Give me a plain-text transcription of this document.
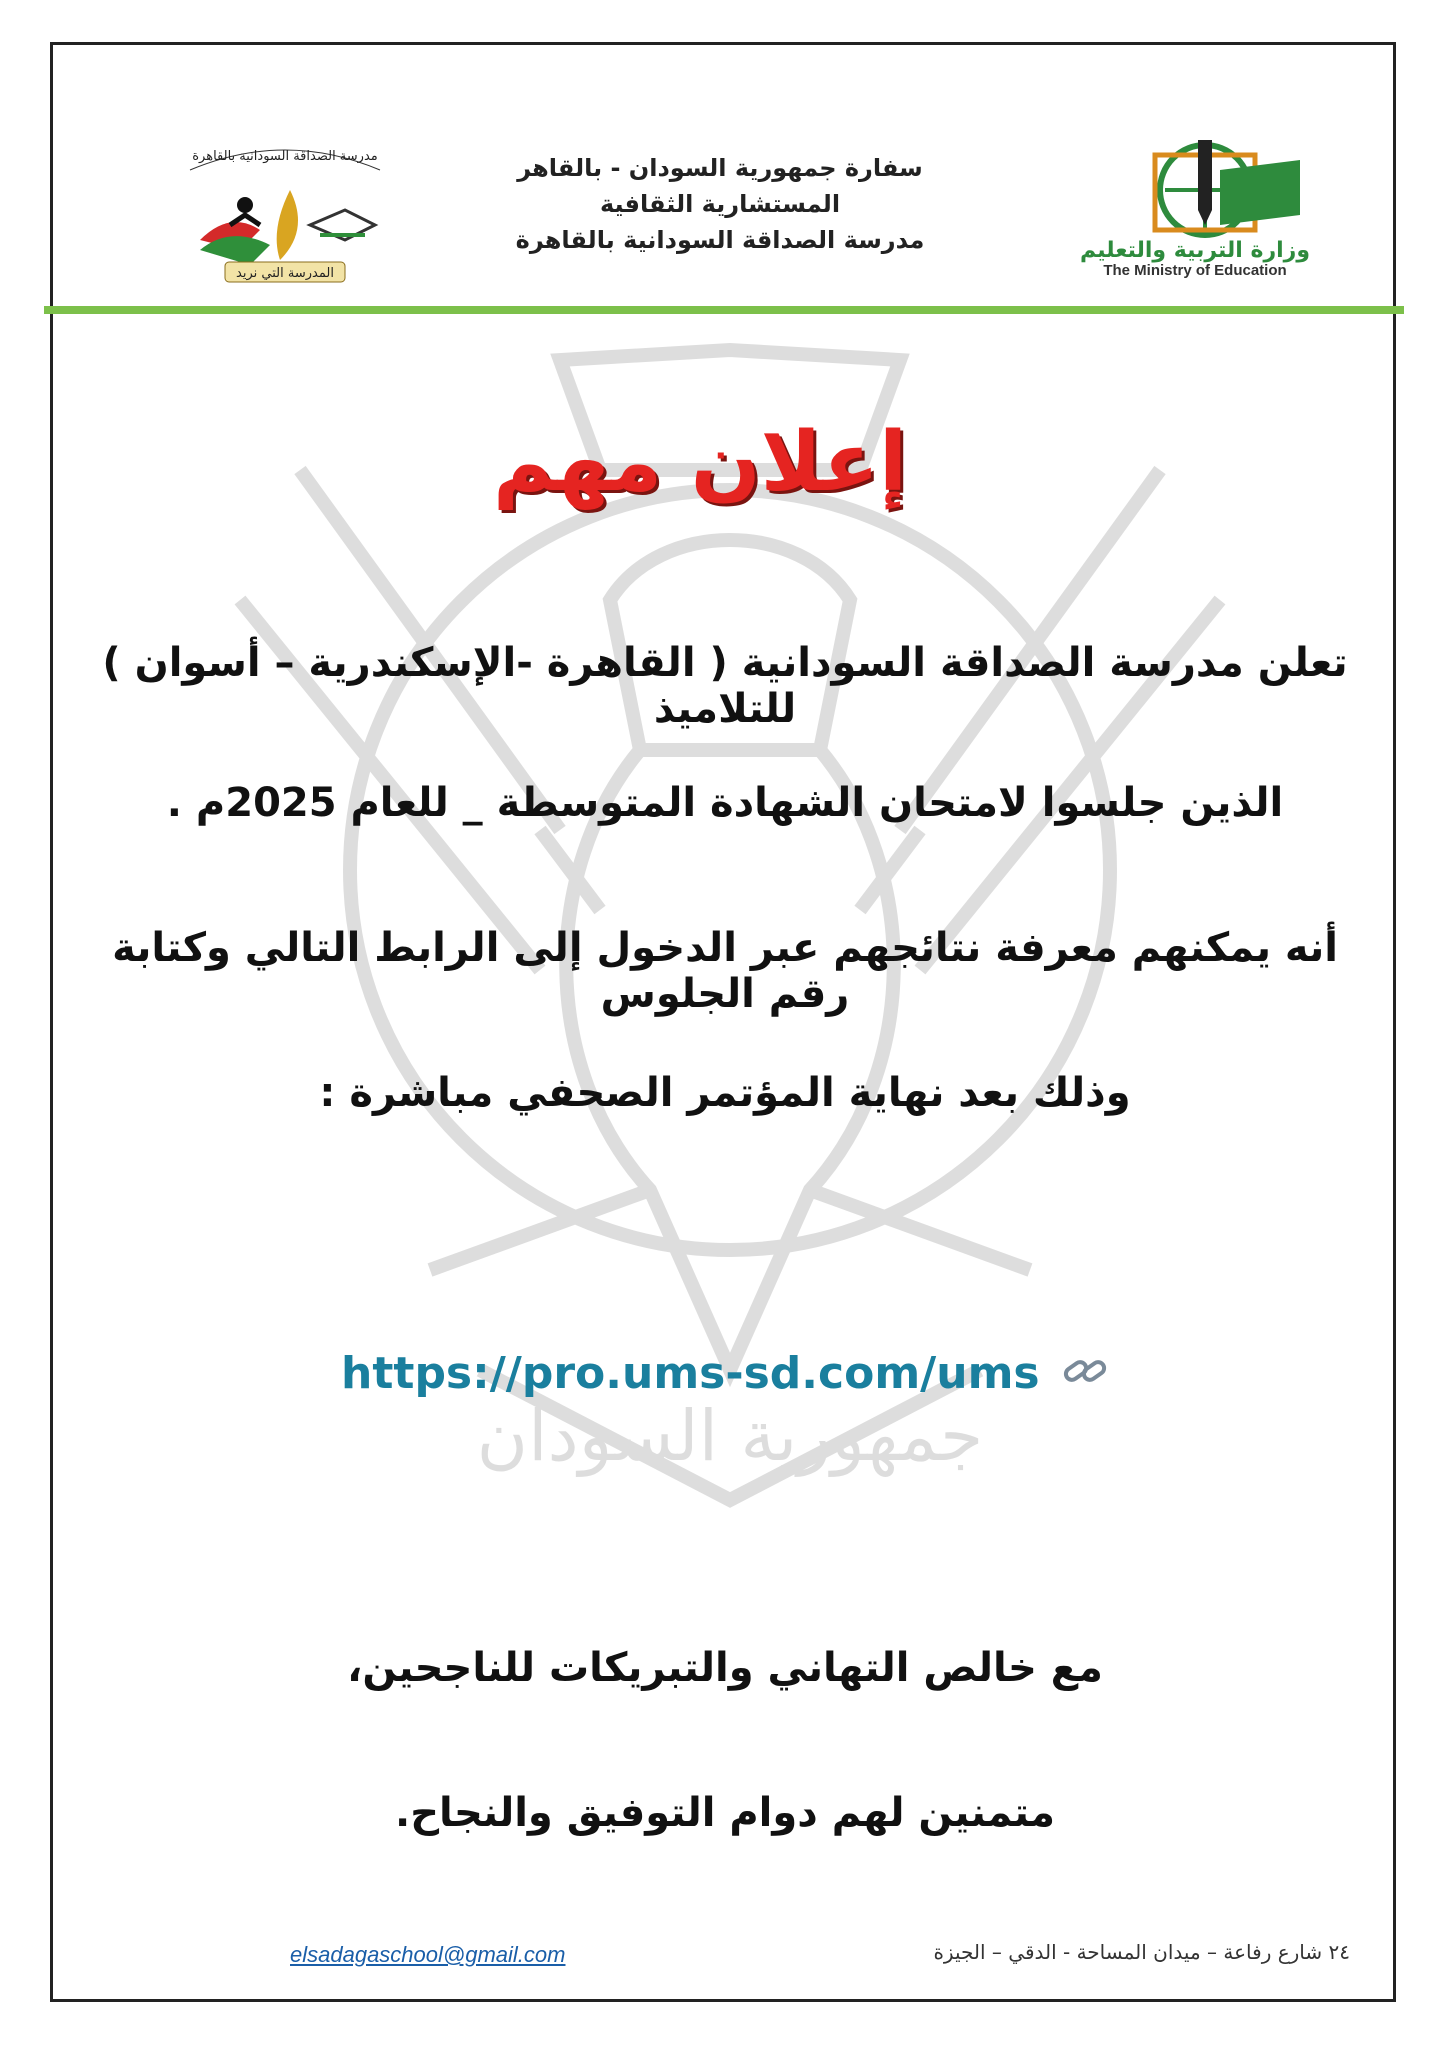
جمهورية السودان
مدرسة الصداقة السودانية بالقاهرة
المدرسة التي نريد
سفارة جمهورية السودان - بالقاهر
المستشارية الثقافية
مدرسة الصداقة السودانية بالقاهرة	وزارة التربية والتعليم
The Ministry of Education
إعلان مهم
تعلن مدرسة الصداقة السودانية ( القاهرة -الإسكندرية – أسوان ) للتلاميذ
الذين جلسوا لامتحان الشهادة المتوسطة _ للعام 2025م .
أنه يمكنهم معرفة نتائجهم عبر الدخول إلى الرابط التالي وكتابة رقم الجلوس
وذلك بعد نهاية المؤتمر الصحفي مباشرة :
https://pro.ums-sd.com/ums
مع خالص التهاني والتبريكات للناجحين،
متمنين لهم دوام التوفيق والنجاح.
elsadagaschool@gmail.com	٢٤ شارع رفاعة – ميدان المساحة - الدقي – الجيزة
